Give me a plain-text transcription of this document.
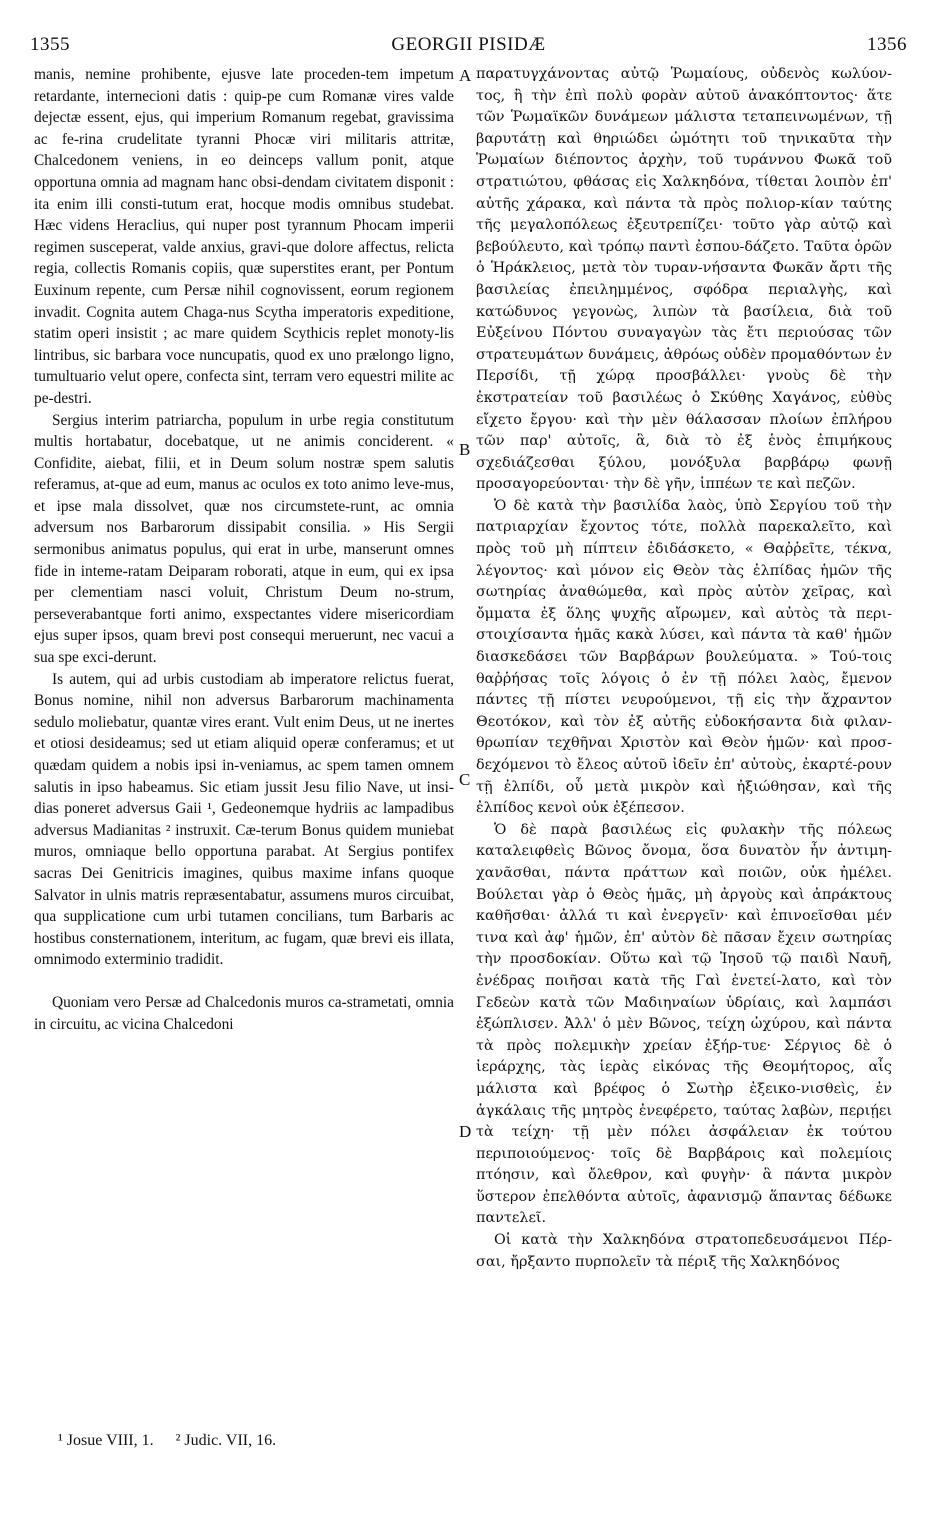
1355	GEORGII PISIDÆ	1356

manis, nemine prohibente, ejusve late proceden-tem impetum retardante, internecioni datis : quip-pe cum Romanæ vires valde dejectæ essent, ejus, qui imperium Romanum regebat, gravissima ac fe-rina crudelitate tyranni Phocæ viri militaris attritæ, Chalcedonem veniens, in eo deinceps vallum ponit, atque opportuna omnia ad magnam hanc obsi-dendam civitatem disponit : ita enim illi consti-tutum erat, hocque modis omnibus studebat. Hæc videns Heraclius, qui nuper post tyrannum Phocam imperii regimen susceperat, valde anxius, gravi-que dolore affectus, relicta regia, collectis Romanis copiis, quæ superstites erant, per Pontum Euxinum repente, cum Persæ nihil cognovissent, eorum regionem invadit. Cognita autem Chaga-nus Scytha imperatoris expeditione, statim operi insistit ; ac mare quidem Scythicis replet monoty-lis lintribus, sic barbara voce nuncupatis, quod ex uno prælongo ligno, tumultuario velut opere, confecta sint, terram vero equestri milite ac pe-destri.

Sergius interim patriarcha, populum in urbe regia constitutum multis hortabatur, docebatque, ut ne animis conciderent. « Confidite, aiebat, filii, et in Deum solum nostræ spem salutis referamus, at-que ad eum, manus ac oculos ex toto animo leve-mus, et ipse mala dissolvet, quæ nos circumstete-runt, ac omnia adversum nos Barbarorum dissipabit consilia. » His Sergii sermonibus animatus populus, qui erat in urbe, manserunt omnes fide in inteme-ratam Deiparam roborati, atque in eum, qui ex ipsa per clementiam nasci voluit, Christum Deum no-strum, perseverabantque forti animo, exspectantes videre misericordiam ejus super ipsos, quam brevi post consequi meruerunt, nec vacui a sua spe exci-derunt.

Is autem, qui ad urbis custodiam ab imperatore relictus fuerat, Bonus nomine, nihil non adversus Barbarorum machinamenta sedulo moliebatur, quantæ vires erant. Vult enim Deus, ut ne inertes et otiosi desideamus; sed ut etiam aliquid operæ conferamus; et ut quædam quidem a nobis ipsi in-veniamus, ac spem tamen omnem salutis in ipso habeamus. Sic etiam jussit Jesu filio Nave, ut insi-dias poneret adversus Gaii ¹, Gedeonemque hydriis ac lampadibus adversus Madianitas ² instruxit. Cæ-terum Bonus quidem muniebat muros, omniaque bello opportuna parabat. At Sergius pontifex sacras Dei Genitricis imagines, quibus maxime infans quoque Salvator in ulnis matris repræsentabatur, assumens muros circuibat, qua supplicatione cum urbi tutamen concilians, tum Barbaris ac hostibus consternationem, interitum, ac fugam, quæ brevi eis illata, omnimodo exterminio tradidit.

Quoniam vero Persæ ad Chalcedonis muros ca-strametati, omnia in circuitu, ac vicina Chalcedoni

A
B
C
D

παρατυγχάνοντας αὐτῷ Ῥωμαίους, οὐδενὸς κωλύον-τος, ἢ τὴν ἐπὶ πολὺ φορὰν αὐτοῦ ἀνακόπτοντος· ἅτε τῶν Ῥωμαϊκῶν δυνάμεων μάλιστα τεταπεινωμένων, τῇ βαρυτάτῃ καὶ θηριώδει ὠμότητι τοῦ τηνικαῦτα τὴν Ῥωμαίων διέποντος ἀρχὴν, τοῦ τυράννου Φωκᾶ τοῦ στρατιώτου, φθάσας εἰς Χαλκηδόνα, τίθεται λοιπὸν ἐπ' αὐτῆς χάρακα, καὶ πάντα τὰ πρὸς πολιορ-κίαν ταύτης τῆς μεγαλοπόλεως ἐξευτρεπίζει· τοῦτο γὰρ αὐτῷ καὶ βεβούλευτο, καὶ τρόπῳ παντὶ ἐσπου-δάζετο. Ταῦτα ὁρῶν ὁ Ἡράκλειος, μετὰ τὸν τυραν-νήσαντα Φωκᾶν ἄρτι τῆς βασιλείας ἐπειλημμένος, σφόδρα περιαλγὴς, καὶ κατώδυνος γεγονὼς, λιπὼν τὰ βασίλεια, διὰ τοῦ Εὐξείνου Πόντου συναγαγὼν τὰς ἔτι περιούσας τῶν στρατευμάτων δυνάμεις, ἀθρόως οὐδὲν προμαθόντων ἐν Περσίδι, τῇ χώρᾳ προσβάλλει· γνοὺς δὲ τὴν ἐκστρατείαν τοῦ βασιλέως ὁ Σκύθης Χαγάνος, εὐθὺς εἴχετο ἔργου· καὶ τὴν μὲν θάλασσαν πλοίων ἐπλήρου τῶν παρ' αὐτοῖς, ἃ, διὰ τὸ ἐξ ἑνὸς ἐπιμήκους σχεδιάζεσθαι ξύλου, μονόξυλα βαρβάρῳ φωνῇ προσαγορεύονται· τὴν δὲ γῆν, ἱππέων τε καὶ πεζῶν.

Ὁ δὲ κατὰ τὴν βασιλίδα λαὸς, ὑπὸ Σεργίου τοῦ τὴν πατριαρχίαν ἔχοντος τότε, πολλὰ παρεκαλεῖτο, καὶ πρὸς τοῦ μὴ πίπτειν ἐδιδάσκετο, « Θαῤῥεῖτε, τέκνα, λέγοντος· καὶ μόνον εἰς Θεὸν τὰς ἐλπίδας ἡμῶν τῆς σωτηρίας ἀναθώμεθα, καὶ πρὸς αὐτὸν χεῖρας, καὶ ὄμματα ἐξ ὅλης ψυχῆς αἴρωμεν, καὶ αὐτὸς τὰ περι-στοιχίσαντα ἡμᾶς κακὰ λύσει, καὶ πάντα τὰ καθ' ἡμῶν διασκεδάσει τῶν Βαρβάρων βουλεύματα. » Τού-τοις θαῤῥήσας τοῖς λόγοις ὁ ἐν τῇ πόλει λαὸς, ἔμενον πάντες τῇ πίστει νευρούμενοι, τῇ εἰς τὴν ἄχραντον Θεοτόκον, καὶ τὸν ἐξ αὐτῆς εὐδοκήσαντα διὰ φιλαν-θρωπίαν τεχθῆναι Χριστὸν καὶ Θεὸν ἡμῶν· καὶ προσ-δεχόμενοι τὸ ἔλεος αὐτοῦ ἰδεῖν ἐπ' αὐτοὺς, ἐκαρτέ-ρουν τῇ ἐλπίδι, οὗ μετὰ μικρὸν καὶ ἠξιώθησαν, καὶ τῆς ἐλπίδος κενοὶ οὐκ ἐξέπεσον.

Ὁ δὲ παρὰ βασιλέως εἰς φυλακὴν τῆς πόλεως καταλειφθεὶς Βῶνος ὄνομα, ὅσα δυνατὸν ἦν ἀντιμη-χανᾶσθαι, πάντα πράττων καὶ ποιῶν, οὐκ ἠμέλει. Βούλεται γὰρ ὁ Θεὸς ἡμᾶς, μὴ ἀργοὺς καὶ ἀπράκτους καθῆσθαι· ἀλλά τι καὶ ἐνεργεῖν· καὶ ἐπινοεῖσθαι μέν τινα καὶ ἀφ' ἡμῶν, ἐπ' αὐτὸν δὲ πᾶσαν ἔχειν σωτηρίας τὴν προσδοκίαν. Οὕτω καὶ τῷ Ἰησοῦ τῷ παιδὶ Ναυῆ, ἐνέδρας ποιῆσαι κατὰ τῆς Γαὶ ἐνετεί-λατο, καὶ τὸν Γεδεὼν κατὰ τῶν Μαδιηναίων ὑδρίαις, καὶ λαμπάσι ἐξώπλισεν. Ἀλλ' ὁ μὲν Βῶνος, τείχη ὠχύρου, καὶ πάντα τὰ πρὸς πολεμικὴν χρείαν ἐξήρ-τυε· Σέργιος δὲ ὁ ἱεράρχης, τὰς ἱερὰς εἰκόνας τῆς Θεομήτορος, αἷς μάλιστα καὶ βρέφος ὁ Σωτὴρ ἐξεικο-νισθεὶς, ἐν ἀγκάλαις τῆς μητρὸς ἐνεφέρετο, ταύτας λαβὼν, περιῄει τὰ τείχη· τῇ μὲν πόλει ἀσφάλειαν ἐκ τούτου περιποιούμενος· τοῖς δὲ Βαρβάροις καὶ πολεμίοις πτόησιν, καὶ ὄλεθρον, καὶ φυγὴν· ἃ πάντα μικρὸν ὕστερον ἐπελθόντα αὐτοῖς, ἀφανισμῷ ἅπαντας δέδωκε παντελεῖ.

Οἱ κατὰ τὴν Χαλκηδόνα στρατοπεδευσάμενοι Πέρ-σαι, ἤρξαντο πυρπολεῖν τὰ πέριξ τῆς Χαλκηδόνος

¹ Josue VIII, 1. ² Judic. VII, 16.
